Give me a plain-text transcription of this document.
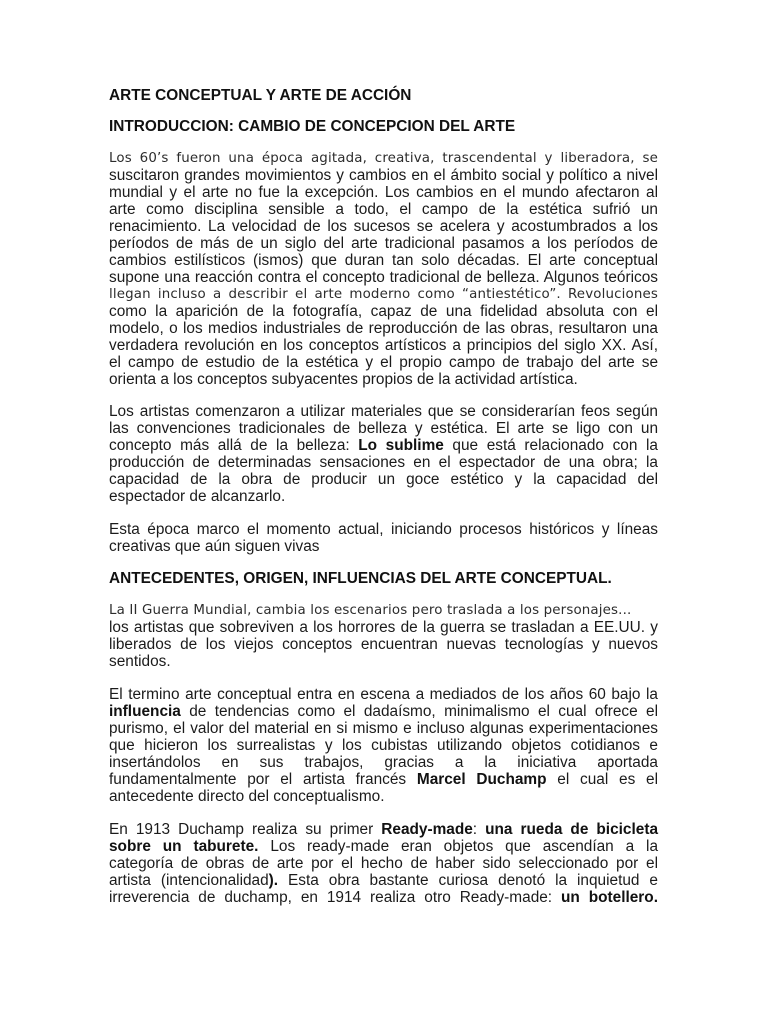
ARTE CONCEPTUAL Y ARTE DE ACCIÓN
INTRODUCCION: CAMBIO DE CONCEPCION DEL ARTE
Los 60’s fueron una época agitada, creativa, trascendental y liberadora, se
suscitaron grandes movimientos y cambios en el ámbito social y político a nivel
mundial y el arte no fue la excepción. Los cambios en el mundo afectaron al
arte como disciplina sensible a todo, el campo de la estética sufrió un
renacimiento. La velocidad de los sucesos se acelera y acostumbrados a los
períodos de más de un siglo del arte tradicional pasamos a los períodos de
cambios estilísticos (ismos) que duran tan solo décadas. El arte conceptual
supone una reacción contra el concepto tradicional de belleza. Algunos teóricos
llegan incluso a describir el arte moderno como “antiestético”. Revoluciones
como la aparición de la fotografía, capaz de una fidelidad absoluta con el
modelo, o los medios industriales de reproducción de las obras, resultaron una
verdadera revolución en los conceptos artísticos a principios del siglo XX. Así,
el campo de estudio de la estética y el propio campo de trabajo del arte se
orienta a los conceptos subyacentes propios de la actividad artística.
Los artistas comenzaron a utilizar materiales que se considerarían feos según
las convenciones tradicionales de belleza y estética. El arte se ligo con un
concepto más allá de la belleza: Lo sublime que está relacionado con la
producción de determinadas sensaciones en el espectador de una obra; la
capacidad de la obra de producir un goce estético y la capacidad del
espectador de alcanzarlo.
Esta época marco el momento actual, iniciando procesos históricos y líneas
creativas que aún siguen vivas
ANTECEDENTES, ORIGEN, INFLUENCIAS DEL ARTE CONCEPTUAL.
La II Guerra Mundial, cambia los escenarios pero traslada a los personajes...
los artistas que sobreviven a los horrores de la guerra se trasladan a EE.UU. y
liberados de los viejos conceptos encuentran nuevas tecnologías y nuevos
sentidos.
El termino arte conceptual entra en escena a mediados de los años 60 bajo la
influencia de tendencias como el dadaísmo, minimalismo el cual ofrece el
purismo, el valor del material en si mismo e incluso algunas experimentaciones
que hicieron los surrealistas y los cubistas utilizando objetos cotidianos e
insertándolos en sus trabajos, gracias a la iniciativa aportada
fundamentalmente por el artista francés Marcel Duchamp el cual es el
antecedente directo del conceptualismo.
En 1913 Duchamp realiza su primer Ready-made: una rueda de bicicleta
sobre un taburete. Los ready-made eran objetos que ascendían a la
categoría de obras de arte por el hecho de haber sido seleccionado por el
artista (intencionalidad). Esta obra bastante curiosa denotó la inquietud e
irreverencia de duchamp, en 1914 realiza otro Ready-made: un botellero.
